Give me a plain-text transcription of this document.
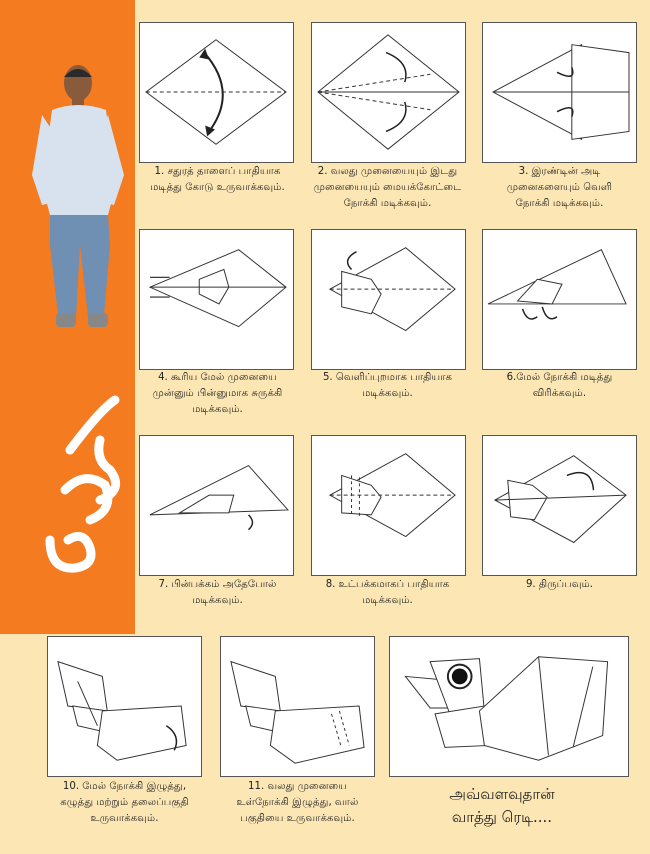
1. சதுரத் தாளைப் பாதியாக
மடித்து கோடு உருவாக்கவும்.
2. வலது முனையையும் இடது
முனையையும் மையக்கோட்டை
நோக்கி மடிக்கவும்.
3. இரண்டின் அடி
முனைகளையும் வெளி
நோக்கி மடிக்கவும்.
4. கூரிய மேல் முனையை
முன்னும் பின்னுமாக சுருக்கி
மடிக்கவும்.
5. வெளிப்புறமாக பாதியாக
மடிக்கவும்.
6.மேல் நோக்கி மடித்து
விரிக்கவும்.
7. பின்பக்கம் அதேபோல்
மடிக்கவும்.
8. உட்பக்கமாகப் பாதியாக
மடிக்கவும்.
9. திருப்பவும்.
10. மேல் நோக்கி இழுத்து,
கழுத்து மற்றும் தலைப்பகுதி
உருவாக்கவும்.
11. வலது முனையை
உள்நோக்கி இழுத்து, வால்
பகுதியை உருவாக்கவும்.
அவ்வளவுதான்
வாத்து ரெடி....
